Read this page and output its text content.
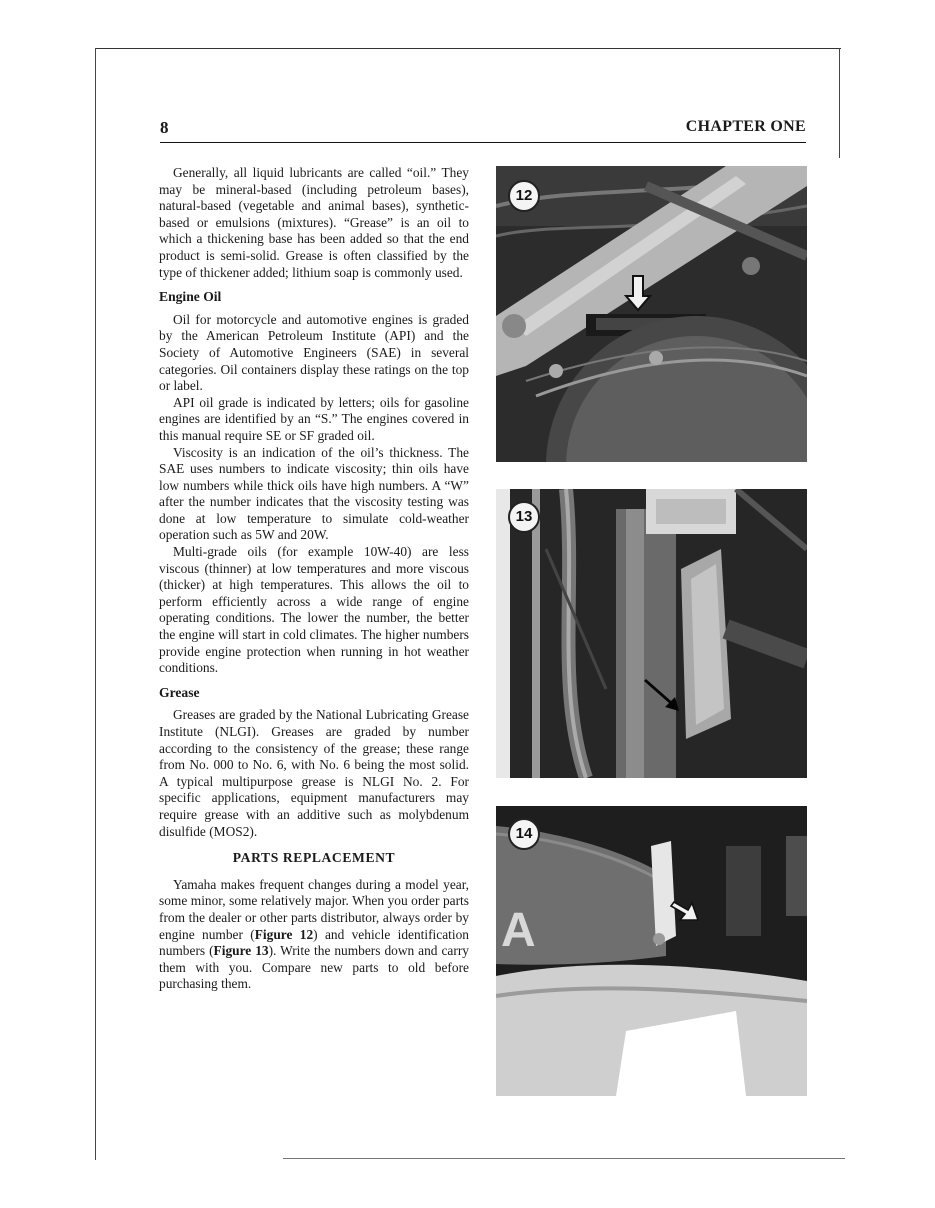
8	CHAPTER ONE

Generally, all liquid lubricants are called “oil.” They may be mineral-based (including petroleum bases), natural-based (vegetable and animal bases), synthetic-based or emulsions (mixtures). “Grease” is an oil to which a thickening base has been added so that the end product is semi-solid. Grease is often classified by the type of thickener added; lithium soap is commonly used.

Engine Oil

Oil for motorcycle and automotive engines is graded by the American Petroleum Institute (API) and the Society of Automotive Engineers (SAE) in several categories. Oil containers display these ratings on the top or label.

API oil grade is indicated by letters; oils for gasoline engines are identified by an “S.” The engines covered in this manual require SE or SF graded oil.

Viscosity is an indication of the oil’s thickness. The SAE uses numbers to indicate viscosity; thin oils have low numbers while thick oils have high numbers. A “W” after the number indicates that the viscosity testing was done at low temperature to simulate cold-weather operation such as 5W and 20W.

Multi-grade oils (for example 10W-40) are less viscous (thinner) at low temperatures and more viscous (thicker) at high temperatures. This allows the oil to perform efficiently across a wide range of engine operating conditions. The lower the number, the better the engine will start in cold climates. The higher numbers provide engine protection when running in hot weather conditions.

Grease

Greases are graded by the National Lubricating Grease Institute (NLGI). Greases are graded by number according to the consistency of the grease; these range from No. 000 to No. 6, with No. 6 being the most solid. A typical multipurpose grease is NLGI No. 2. For specific applications, equipment manufacturers may require grease with an additive such as molybdenum disulfide (MOS2).

PARTS REPLACEMENT

Yamaha makes frequent changes during a model year, some minor, some relatively major. When you order parts from the dealer or other parts distributor, always order by engine number (Figure 12) and vehicle identification numbers (Figure 13). Write the numbers down and carry them with you. Compare new parts to old before purchasing them.

12
13
A
14
